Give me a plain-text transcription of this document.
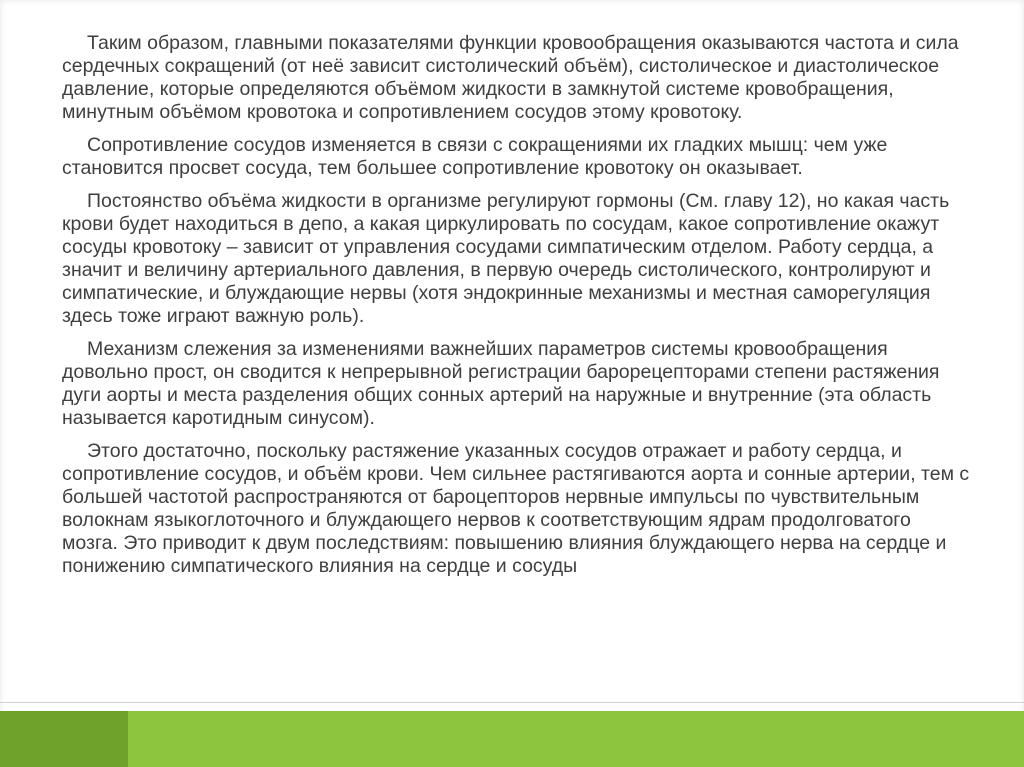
Таким образом, главными показателями функции кровообращения оказываются частота и сила сердечных сокращений (от неё зависит систолический объём), систолическое и диастолическое давление, которые определяются объёмом жидкости в замкнутой системе кровобращения, минутным объёмом кровотока и сопротивлением сосудов этому кровотоку.

Сопротивление сосудов изменяется в связи с сокращениями их гладких мышц: чем уже становится просвет сосуда, тем большее сопротивление кровотоку он оказывает.

Постоянство объёма жидкости в организме регулируют гормоны (См. главу 12), но какая часть крови будет находиться в депо, а какая циркулировать по сосудам, какое сопротивление окажут сосуды кровотоку – зависит от управления сосудами симпатическим отделом. Работу сердца, а значит и величину артериального давления, в первую очередь систолического, контролируют и симпатические, и блуждающие нервы (хотя эндокринные механизмы и местная саморегуляция здесь тоже играют важную роль).

Механизм слежения за изменениями важнейших параметров системы кровообращения довольно прост, он сводится к непрерывной регистрации барорецепторами степени растяжения дуги аорты и места разделения общих сонных артерий на наружные и внутренние (эта область называется каротидным синусом).

Этого достаточно, поскольку растяжение указанных сосудов отражает и работу сердца, и сопротивление сосудов, и объём крови. Чем сильнее растягиваются аорта и сонные артерии, тем с большей частотой распространяются от бароцепторов нервные импульсы по чувствительным волокнам языкоглоточного и блуждающего нервов к соответствующим ядрам продолговатого мозга. Это приводит к двум последствиям: повышению влияния блуждающего нерва на сердце и понижению симпатического влияния на сердце и сосуды
